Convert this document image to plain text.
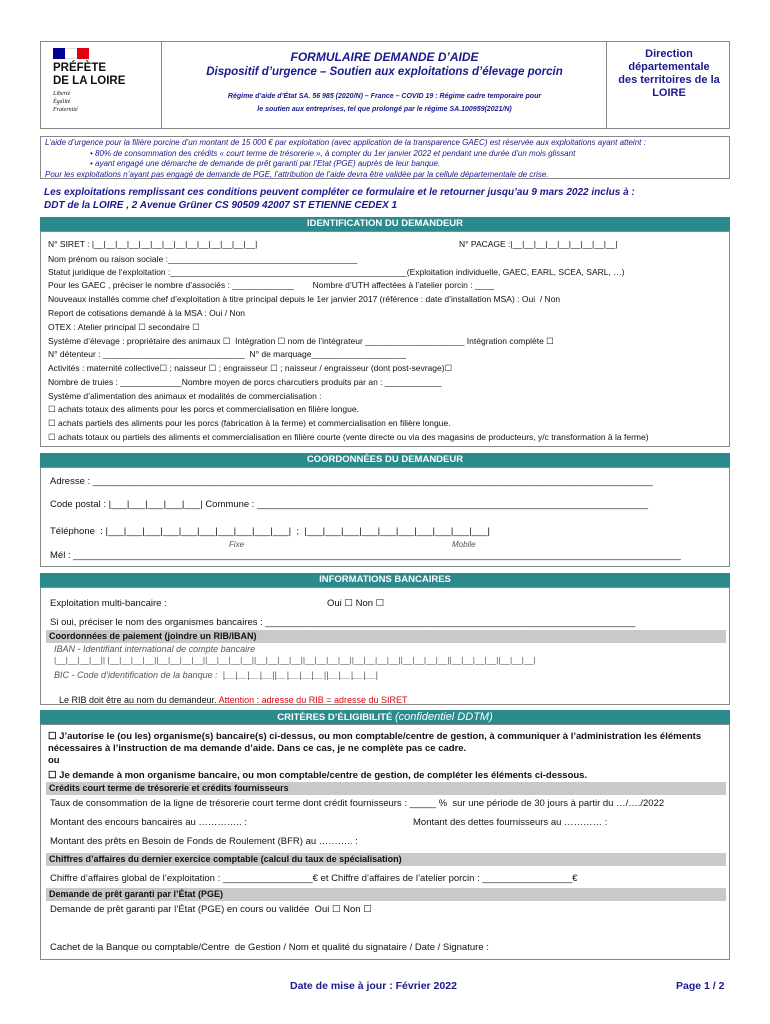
PRÉFÈTE
DE LA LOIRE
Liberté
Égalité
Fraternité
FORMULAIRE DEMANDE D’AIDE
Dispositif d’urgence – Soutien aux exploitations d’élevage porcin
Régime d’aide d’État SA. 56 985 (2020/N) – France – COVID 19 : Régime cadre temporaire pour
le soutien aux entreprises, tel que prolongé par le régime SA.100959(2021/N)
Direction
départementale
des territoires de la
LOIRE
L’aide d’urgence pour la filière porcine d’un montant de 15 000 € par exploitation (avec application de la transparence GAEC) est réservée aux exploitations ayant atteint :
• 80% de consommation des crédits « court terme de trésorerie », à compter du 1er janvier 2022 et pendant une durée d’un mois glissant
• ayant engagé une démarche de demande de prêt garanti par l’Etat (PGE) auprès de leur banque.
Pour les exploitations n’ayant pas engagé de demande de PGE, l’attribution de l’aide devra être validée par la cellule départementale de crise.
Les exploitations remplissant ces conditions peuvent compléter ce formulaire et le retourner jusqu’au 9 mars 2022 inclus à :
DDT de la LOIRE , 2 Avenue Grüner CS 90509 42007 ST ETIENNE CEDEX 1
IDENTIFICATION DU DEMANDEUR
N° SIRET : |__|__|__|__|__|__|__|__|__|__|__|__|__|__|	N° PACAGE :|__|__|__|__|__|__|__|__|__|
Nom prénom ou raison sociale :________________________________________
Statut juridique de l’exploitation :__________________________________________________(Exploitation individuelle, GAEC, EARL, SCEA, SARL, …)
Pour les GAEC , préciser le nombre d’associés : _____________        Nombre d’UTH affectées à l’atelier porcin : ____
Nouveaux installés comme chef d’exploitation à titre principal depuis le 1er janvier 2017 (référence : date d’installation MSA) : Oui  / Non
Report de cotisations demandé à la MSA : Oui / Non
OTEX : Atelier principal ☐ secondaire ☐
Système d’élevage : propriétaire des animaux ☐  Intégration ☐ nom de l’intégrateur _____________________ Intégration complète ☐
N° détenteur : ______________________________  N° de marquage____________________
Activités : maternité collective☐ ; naisseur ☐ ; engraisseur ☐ ; naisseur / engraisseur (dont post-sevrage)☐
Nombre de truies : _____________Nombre moyen de porcs charcutiers produits par an : ____________
Système d’alimentation des animaux et modalités de commercialisation :
☐ achats totaux des aliments pour les porcs et commercialisation en filière longue.
☐ achats partiels des aliments pour les porcs (fabrication à la ferme) et commercialisation en filière longue.
☐ achats totaux ou partiels des aliments et commercialisation en filière courte (vente directe ou via des magasins de producteurs, y/c transformation à la ferme)
COORDONNÉES DU DEMANDEUR
Adresse : __________________________________________________________________________________________________________
Code postal : |___|___|___|___|___| Commune : __________________________________________________________________________
Téléphone  : |___|___|___|___|___|___|___|___|___|___|  ;  |___|___|___|___|___|___|___|___|___|___|
Fixe	Mobile
Mél : ___________________________________________________________________________________________________________________
INFORMATIONS BANCAIRES
Exploitation multi-bancaire :	Oui ☐ Non ☐
Si oui, préciser le nom des organismes bancaires : ______________________________________________________________________
Coordonnées de paiement (joindre un RIB/IBAN)
IBAN - Identifiant international de compte bancaire
|__|__|__|__|| |__|__|__|__||__|__|__|__||__|__|__|__||__|__|__|__||__|__|__|__||__|__|__|__||__|__|__|__||__|__|__|__||__|__|__|
BIC - Code d’identification de la banque :  |__|__|__|__||__|__|__|__||__|__|__|__|

Le RIB doit être au nom du demandeur. Attention : adresse du RIB = adresse du SIRET

CRITÈRES D’ÉLIGIBILITÉ (confidentiel DDTM)
☐ J’autorise le (ou les) organisme(s) bancaire(s) ci-dessus, ou mon comptable/centre de gestion, à communiquer à l’administration les éléments nécessaires à l’instruction de ma demande d’aide. Dans ce cas, je ne complète pas ce cadre.
ou
☐ Je demande à mon organisme bancaire, ou mon comptable/centre de gestion, de compléter les éléments ci-dessous.
Crédits court terme de trésorerie et crédits fournisseurs
Taux de consommation de la ligne de trésorerie court terme dont crédit fournisseurs : _____ %  sur une période de 30 jours à partir du …/…./2022
Montant des encours bancaires au ………….. :	Montant des dettes fournisseurs au ………… :
Montant des prêts en Besoin de Fonds de Roulement (BFR) au ……….. :
Chiffres d’affaires du dernier exercice comptable (calcul du taux de spécialisation)
Chiffre d’affaires global de l’exploitation : _________________€ et Chiffre d’affaires de l’atelier porcin : _________________€
Demande de prêt garanti par l’État (PGE)
Demande de prêt garanti par l’État (PGE) en cours ou validée  Oui ☐ Non ☐
Cachet de la Banque ou comptable/Centre  de Gestion / Nom et qualité du signataire / Date / Signature :
Date de mise à jour : Février 2022	Page 1 / 2
